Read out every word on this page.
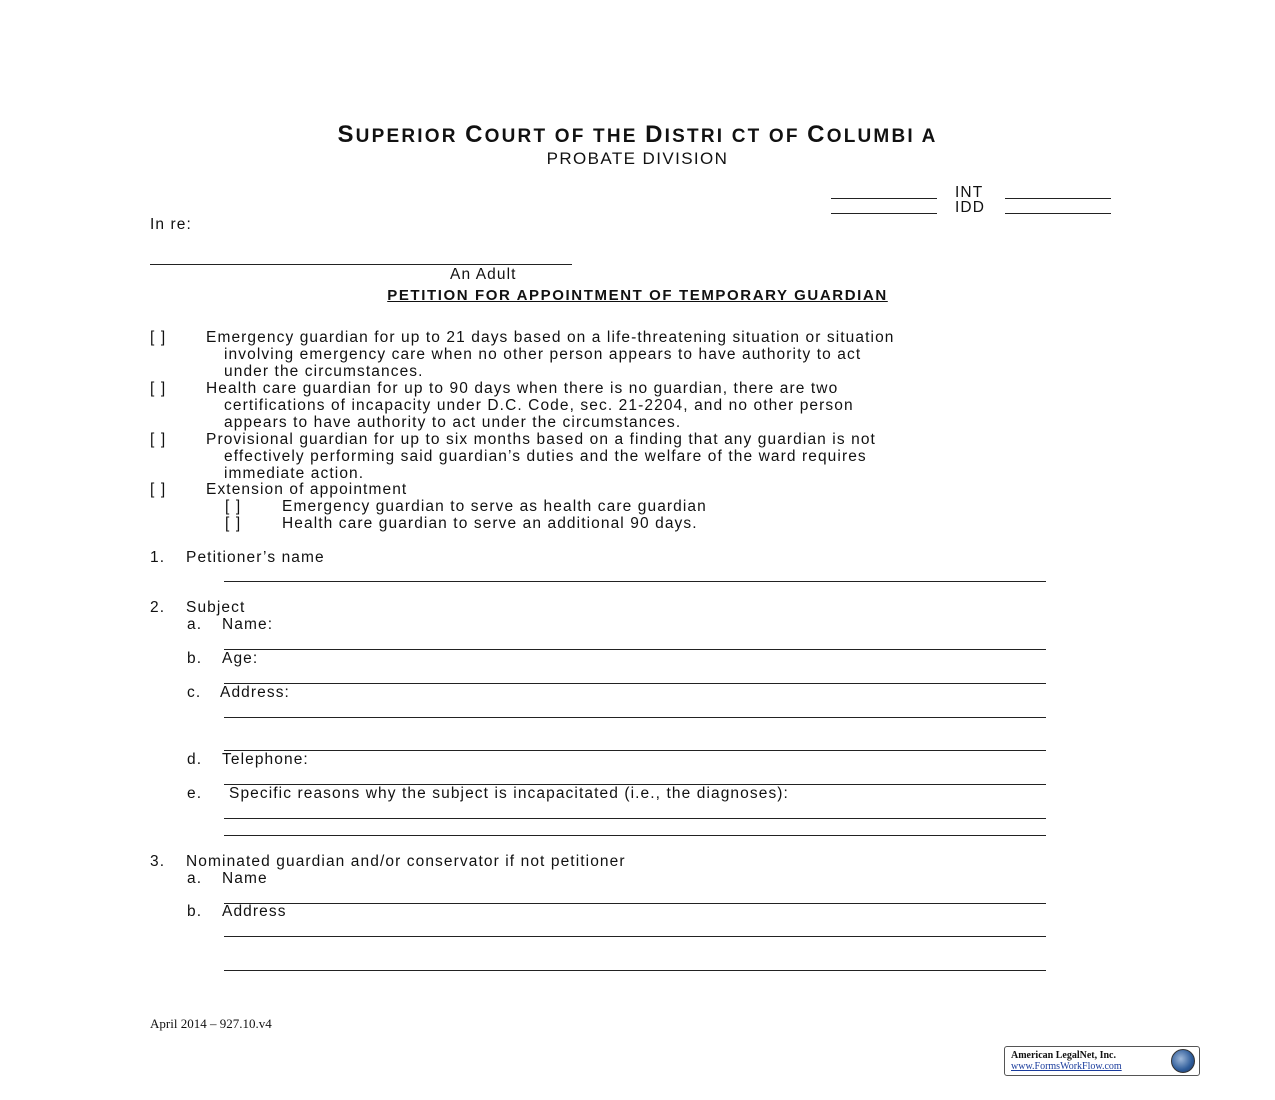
SUPERIOR COURT OF THE DISTRI CT OF COLUMBI A
PROBATE DIVISION
INT
IDD
In re:
An Adult
PETITION FOR APPOINTMENT OF TEMPORARY GUARDIAN
[ ]	Emergency guardian for up to 21 days based on a life-threatening situation or situation
involving emergency care when no other person appears to have authority to act
under the circumstances.
[ ]	Health care guardian for up to 90 days when there is no guardian, there are two
certifications of incapacity under D.C. Code, sec. 21-2204, and no other person
appears to have authority to act under the circumstances.
[ ]	Provisional guardian for up to six months based on a finding that any guardian is not
effectively performing said guardian’s duties and the welfare of the ward requires
immediate action.
[ ]	Extension of appointment
[ ]	Emergency guardian to serve as health care guardian
[ ]	Health care guardian to serve an additional 90 days.
1. Petitioner’s name
2. Subject
a. Name:
b. Age:
c. Address:
d. Telephone:
e. Specific reasons why the subject is incapacitated (i.e., the diagnoses):
3. Nominated guardian and/or conservator if not petitioner
a. Name
b. Address
April 2014 – 927.10.v4
American LegalNet, Inc.
www.FormsWorkFlow.com
